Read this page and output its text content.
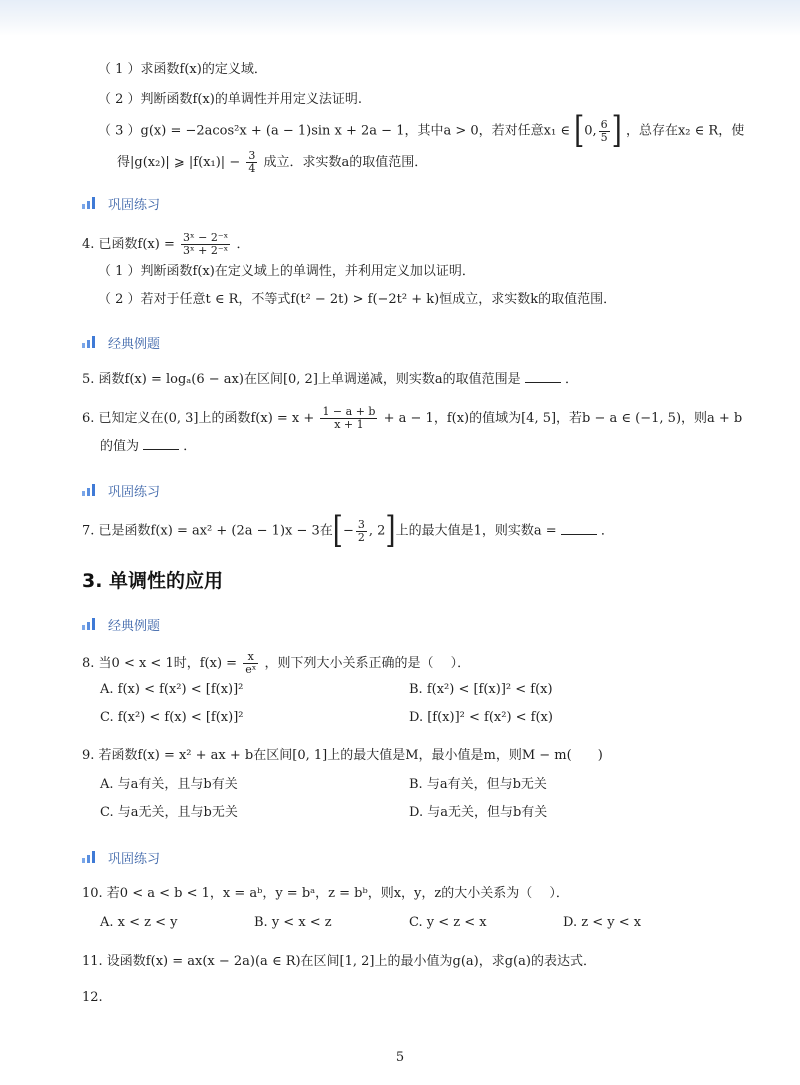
（ 1 ）求函数f(x)的定义域．
（ 2 ）判断函数f(x)的单调性并用定义法证明.
（ 3 ）g(x) = −2acos²x + (a − 1)sin x + 2a − 1，其中a > 0，若对任意x₁ ∈ [0, $\frac{6}{5}$ ] ，总存在x₂ ∈ R，使
得|g(x₂)| ⩾ $|f(x_1)| - \frac{3}{4}$ 成立．求实数a的取值范围．
巩固练习
4. 已函数$f(x) = \frac{\text{3ˣ − 2⁻ˣ}}{\text{3ˣ + 2⁻ˣ}}$ ．
（ 1 ）判断函数f(x)在定义域上的单调性，并利用定义加以证明．
（ 2 ）若对于任意t ∈ R，不等式f(t² − 2t) > f(−2t² + k)恒成立，求实数k的取值范围．
经典例题
5. 函数f(x) = logₐ(6 − ax)在区间[0, 2]上单调递减，则实数a的取值范围是	．
6. 已知定义在(0, 3]上的函数$f(x) = x + \frac{1 - a + b}{x + 1} + a - 1$，f(x)的值域为[4, 5]，若b − a ∈ (−1, 5)，则a + b
的值为	．
巩固练习
7. 已是函数f(x) = ax² + (2a − 1)x − 3在[− $\frac{3}{2}$ , 2]上的最大值是1，则实数a =	．
3. 单调性的应用
经典例题
8. 当0 < x < 1时，$f(x) = \frac{x}{\text{eˣ}}$ ，则下列大小关系正确的是（　 ）．
A. f(x) < f(x²) < [f(x)]²	B. f(x²) < [f(x)]² < f(x)
C. f(x²) < f(x) < [f(x)]²	D. [f(x)]² < f(x²) < f(x)
9. 若函数f(x) = x² + ax + b在区间[0, 1]上的最大值是M，最小值是m，则M − m(　　)
A. 与a有关，且与b有关	B. 与a有关，但与b无关
C. 与a无关，且与b无关	D. 与a无关，但与b有关
巩固练习
10. 若0 < a < b < 1，x = aᵇ，y = bᵃ，z = bᵇ，则x，y，z的大小关系为（　 ）．
A. x < z < y	B. y < x < z	C. y < z < x	D. z < y < x
11. 设函数f(x) = ax(x − 2a)(a ∈ R)在区间[1, 2]上的最小值为g(a)，求g(a)的表达式．
12.
5
